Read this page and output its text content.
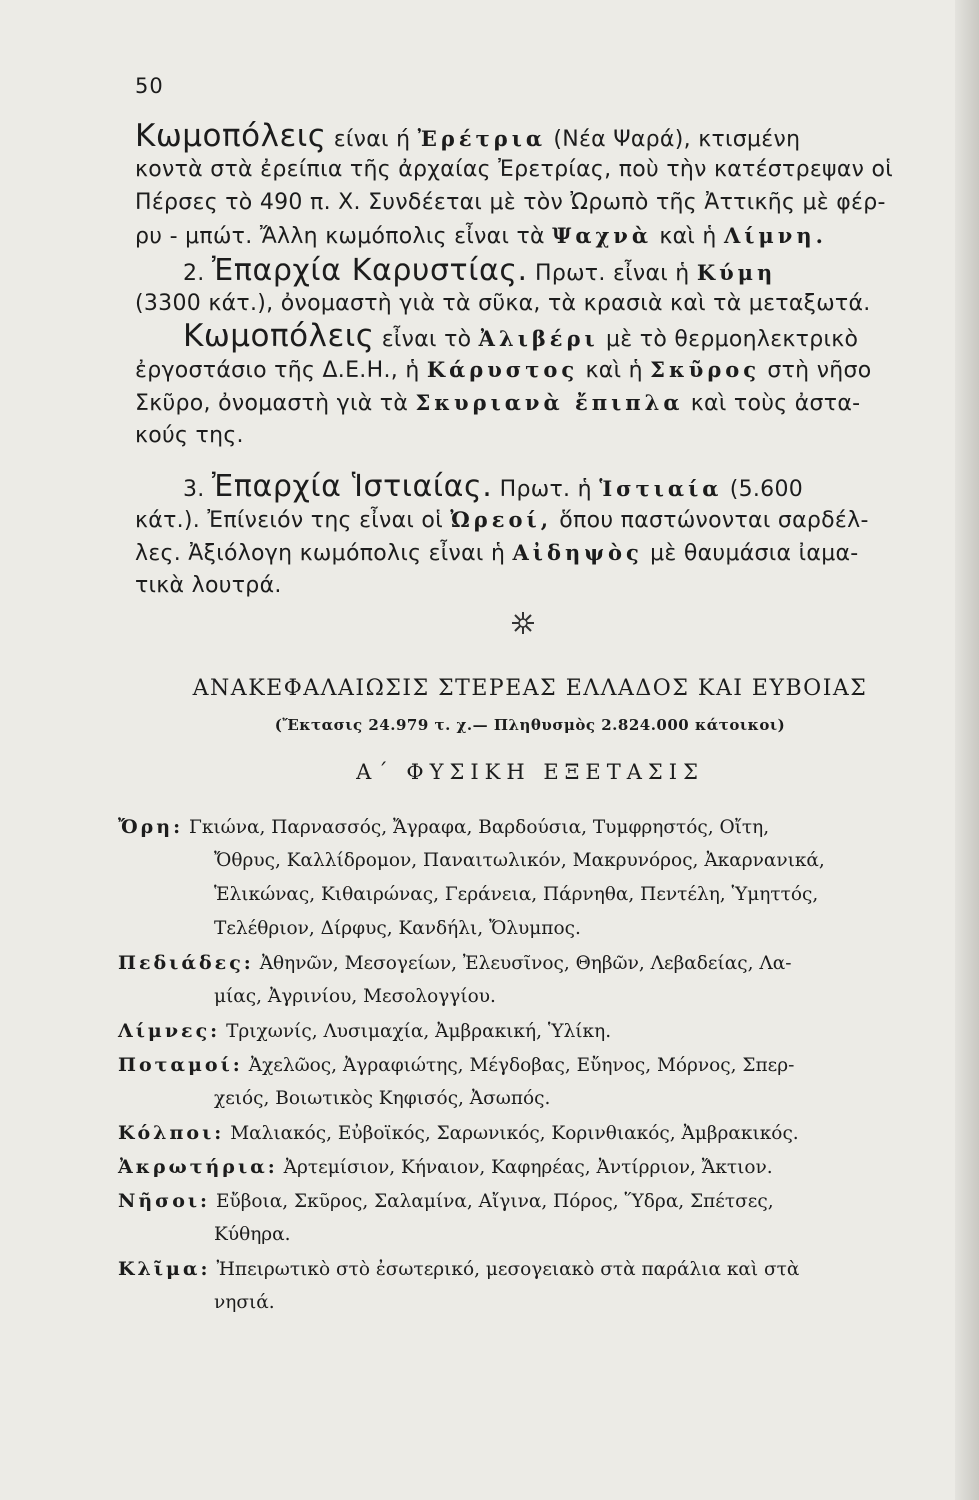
50
Κωμοπόλεις είναι ή Ἐρέτρια (Νέα Ψαρά), κτισμένη
κοντὰ στὰ ἐρείπια τῆς ἀρχαίας Ἐρετρίας, ποὺ τὴν κατέστρεψαν οἱ
Πέρσες τὸ 490 π. Χ. Συνδέεται μὲ τὸν Ὠρωπὸ τῆς Ἀττικῆς μὲ φέρ-
ρυ - μπώτ. Ἄλλη κωμόπολις εἶναι τὰ Ψαχνὰ καὶ ἡ Λίμνη.
2. Ἐπαρχία Καρυστίας. Πρωτ. εἶναι ἡ Κύμη
(3300 κάτ.), ὀνομαστὴ γιὰ τὰ σῦκα, τὰ κρασιὰ καὶ τὰ μεταξωτά.
Κωμοπόλεις εἶναι τὸ Ἀλιβέρι μὲ τὸ θερμοηλεκτρικὸ
ἐργοστάσιο τῆς Δ.Ε.Η., ἡ Κάρυστος καὶ ἡ Σκῦρος στὴ νῆσο
Σκῦρο, ὀνομαστὴ γιὰ τὰ Σκυριανὰ ἔπιπλα καὶ τοὺς ἀστα-
κούς της.
3. Ἐπαρχία Ἱστιαίας. Πρωτ. ἡ Ἱστιαία (5.600
κάτ.). Ἐπίνειόν της εἶναι οἱ Ὠρεοί, ὅπου παστώνονται σαρδέλ-
λες. Ἀξιόλογη κωμόπολις εἶναι ἡ Αἰδηψὸς μὲ θαυμάσια ἰαμα-
τικὰ λουτρά.
ΑΝΑΚΕΦΑΛΑΙΩΣΙΣ ΣΤΕΡΕΑΣ ΕΛΛΑΔΟΣ ΚΑΙ ΕΥΒΟΙΑΣ
(Ἔκτασις 24.979 τ. χ.— Πληθυσμὸς 2.824.000 κάτοικοι)
Α΄ ΦΥΣΙΚΗ ΕΞΕΤΑΣΙΣ
Ὄρη: Γκιώνα, Παρνασσός, Ἄγραφα, Βαρδούσια, Τυμφρηστός, Οἴτη,
Ὄθρυς, Καλλίδρομον, Παναιτωλικόν, Μακρυνόρος, Ἀκαρνανικά,
Ἑλικώνας, Κιθαιρώνας, Γεράνεια, Πάρνηθα, Πεντέλη, Ὑμηττός,
Τελέθριον, Δίρφυς, Κανδήλι, Ὄλυμπος.
Πεδιάδες: Ἀθηνῶν, Μεσογείων, Ἐλευσῖνος, Θηβῶν, Λεβαδείας, Λα-
μίας, Ἀγρινίου, Μεσολογγίου.
Λίμνες: Τριχωνίς, Λυσιμαχία, Ἀμβρακική, Ὑλίκη.
Ποταμοί: Ἀχελῶος, Ἀγραφιώτης, Μέγδοβας, Εὔηνος, Μόρνος, Σπερ-
χειός, Βοιωτικὸς Κηφισός, Ἀσωπός.
Κόλποι: Μαλιακός, Εὐβοϊκός, Σαρωνικός, Κορινθιακός, Ἀμβρακικός.
Ἀκρωτήρια: Ἀρτεμίσιον, Κήναιον, Καφηρέας, Ἀντίρριον, Ἄκτιον.
Νῆσοι: Εὔβοια, Σκῦρος, Σαλαμίνα, Αἴγινα, Πόρος, Ὕδρα, Σπέτσες,
Κύθηρα.
Κλῖμα: Ἠπειρωτικὸ στὸ ἐσωτερικό, μεσογειακὸ στὰ παράλια καὶ στὰ
νησιά.
